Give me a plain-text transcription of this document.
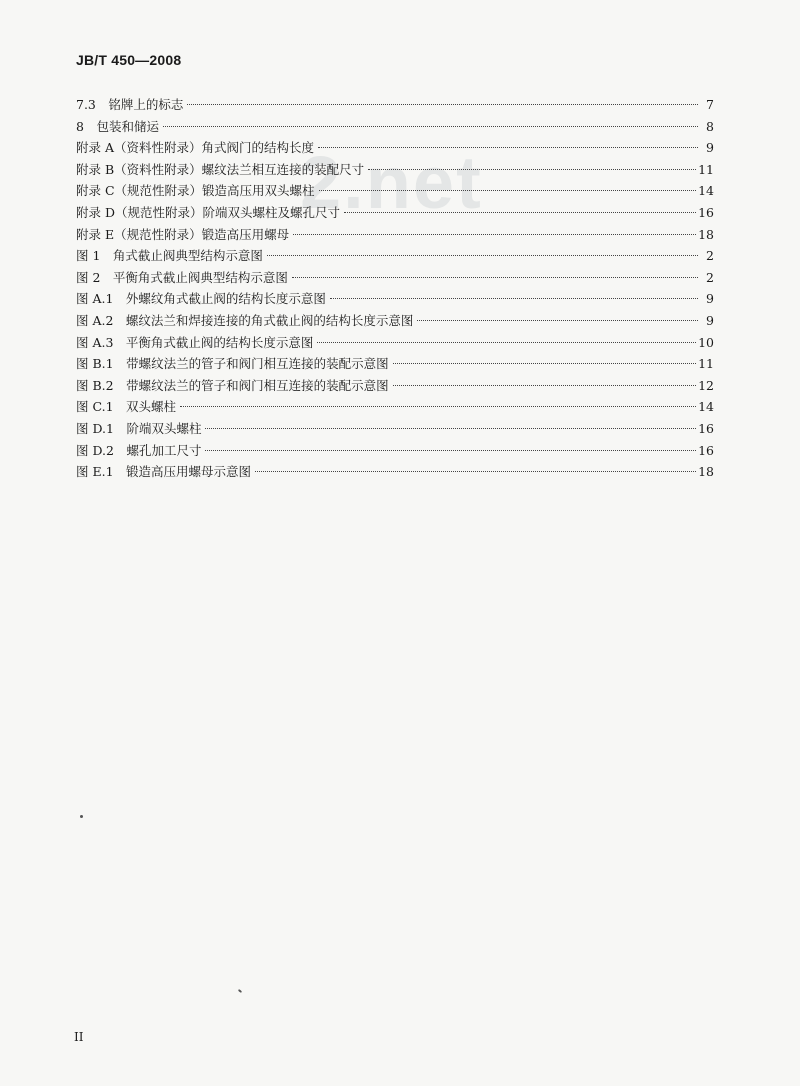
JB/T 450—2008
2.net
7.3　铭牌上的标志	7
8　包装和储运	8
附录 A（资料性附录）角式阀门的结构长度	9
附录 B（资料性附录）螺纹法兰相互连接的装配尺寸	11
附录 C（规范性附录）锻造高压用双头螺柱	14
附录 D（规范性附录）阶端双头螺柱及螺孔尺寸	16
附录 E（规范性附录）锻造高压用螺母	18
图 1　角式截止阀典型结构示意图	2
图 2　平衡角式截止阀典型结构示意图	2
图 A.1　外螺纹角式截止阀的结构长度示意图	9
图 A.2　螺纹法兰和焊接连接的角式截止阀的结构长度示意图	9
图 A.3　平衡角式截止阀的结构长度示意图	10
图 B.1　带螺纹法兰的管子和阀门相互连接的装配示意图	11
图 B.2　带螺纹法兰的管子和阀门相互连接的装配示意图	12
图 C.1　双头螺柱	14
图 D.1　阶端双头螺柱	16
图 D.2　螺孔加工尺寸	16
图 E.1　锻造高压用螺母示意图	18
II
